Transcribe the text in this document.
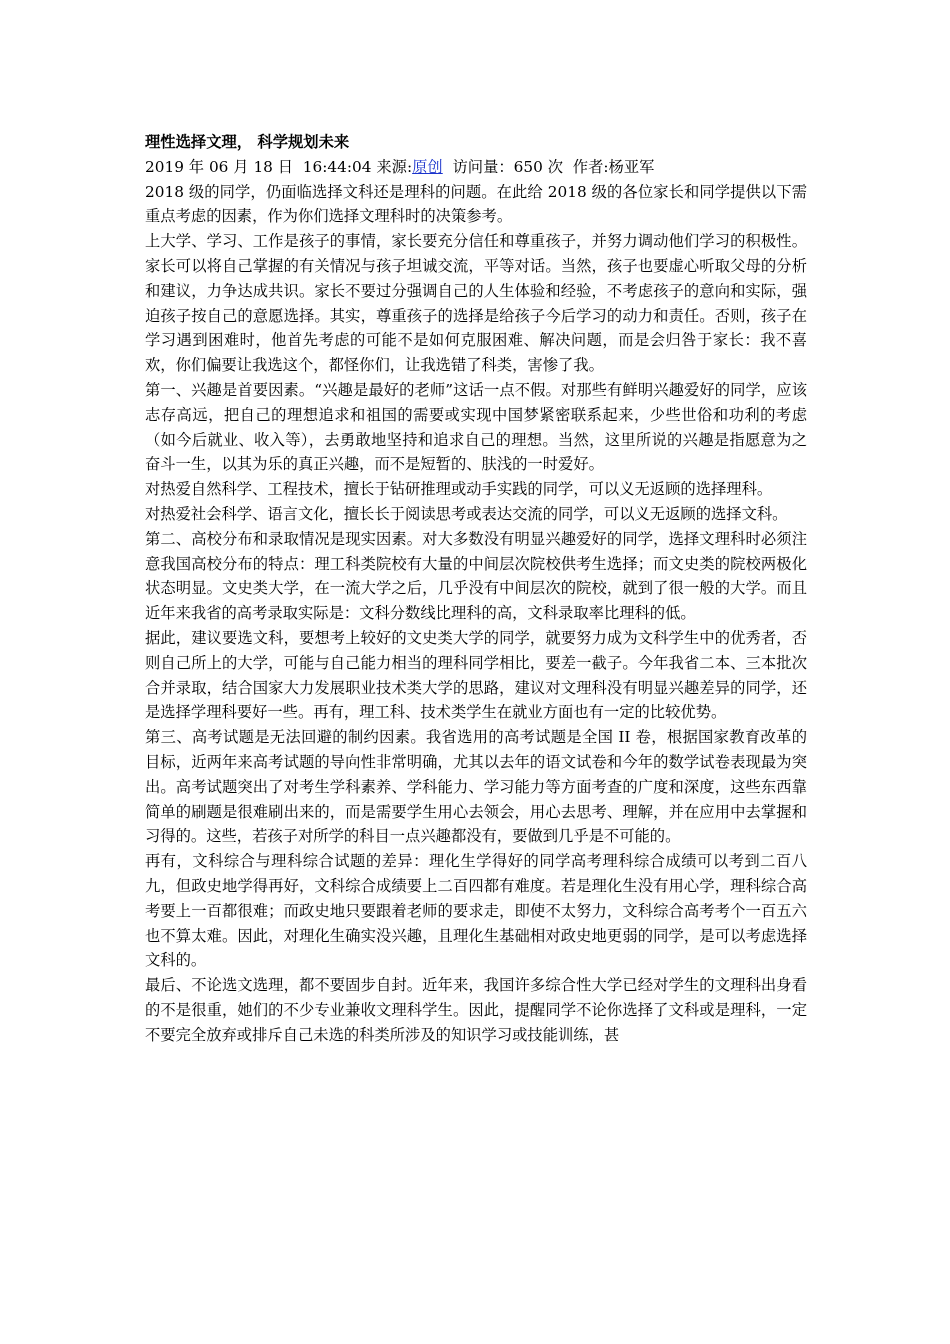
理性选择文理， 科学规划未来

2019 年 06 月 18 日 16:44:04 来源:原创 访问量：650 次 作者:杨亚军

2018 级的同学，仍面临选择文科还是理科的问题。在此给 2018 级的各位家长和同学提供以下需重点考虑的因素，作为你们选择文理科时的决策参考。

上大学、学习、工作是孩子的事情，家长要充分信任和尊重孩子，并努力调动他们学习的积极性。家长可以将自己掌握的有关情况与孩子坦诚交流，平等对话。当然，孩子也要虚心听取父母的分析和建议，力争达成共识。家长不要过分强调自己的人生体验和经验，不考虑孩子的意向和实际，强迫孩子按自己的意愿选择。其实，尊重孩子的选择是给孩子今后学习的动力和责任。否则，孩子在学习遇到困难时，他首先考虑的可能不是如何克服困难、解决问题，而是会归咎于家长：我不喜欢，你们偏要让我选这个，都怪你们，让我选错了科类，害惨了我。

第一、兴趣是首要因素。“兴趣是最好的老师”这话一点不假。对那些有鲜明兴趣爱好的同学，应该志存高远，把自己的理想追求和祖国的需要或实现中国梦紧密联系起来，少些世俗和功利的考虑（如今后就业、收入等），去勇敢地坚持和追求自己的理想。当然，这里所说的兴趣是指愿意为之奋斗一生，以其为乐的真正兴趣，而不是短暂的、肤浅的一时爱好。

对热爱自然科学、工程技术，擅长于钻研推理或动手实践的同学，可以义无返顾的选择理科。

对热爱社会科学、语言文化，擅长长于阅读思考或表达交流的同学，可以义无返顾的选择文科。

第二、高校分布和录取情况是现实因素。对大多数没有明显兴趣爱好的同学，选择文理科时必须注意我国高校分布的特点：理工科类院校有大量的中间层次院校供考生选择；而文史类的院校两极化状态明显。文史类大学，在一流大学之后，几乎没有中间层次的院校，就到了很一般的大学。而且近年来我省的高考录取实际是：文科分数线比理科的高，文科录取率比理科的低。

据此，建议要选文科，要想考上较好的文史类大学的同学，就要努力成为文科学生中的优秀者，否则自己所上的大学，可能与自己能力相当的理科同学相比，要差一截子。今年我省二本、三本批次合并录取，结合国家大力发展职业技术类大学的思路，建议对文理科没有明显兴趣差异的同学，还是选择学理科要好一些。再有，理工科、技术类学生在就业方面也有一定的比较优势。

第三、高考试题是无法回避的制约因素。我省选用的高考试题是全国 II 卷，根据国家教育改革的目标，近两年来高考试题的导向性非常明确，尤其以去年的语文试卷和今年的数学试卷表现最为突出。高考试题突出了对考生学科素养、学科能力、学习能力等方面考查的广度和深度，这些东西靠简单的刷题是很难刷出来的，而是需要学生用心去领会，用心去思考、理解，并在应用中去掌握和习得的。这些，若孩子对所学的科目一点兴趣都没有，要做到几乎是不可能的。

再有，文科综合与理科综合试题的差异：理化生学得好的同学高考理科综合成绩可以考到二百八九，但政史地学得再好，文科综合成绩要上二百四都有难度。若是理化生没有用心学，理科综合高考要上一百都很难；而政史地只要跟着老师的要求走，即使不太努力，文科综合高考考个一百五六也不算太难。因此，对理化生确实没兴趣，且理化生基础相对政史地更弱的同学，是可以考虑选择文科的。

最后、不论选文选理，都不要固步自封。近年来，我国许多综合性大学已经对学生的文理科出身看的不是很重，她们的不少专业兼收文理科学生。因此，提醒同学不论你选择了文科或是理科，一定不要完全放弃或排斥自己未选的科类所涉及的知识学习或技能训练，甚
